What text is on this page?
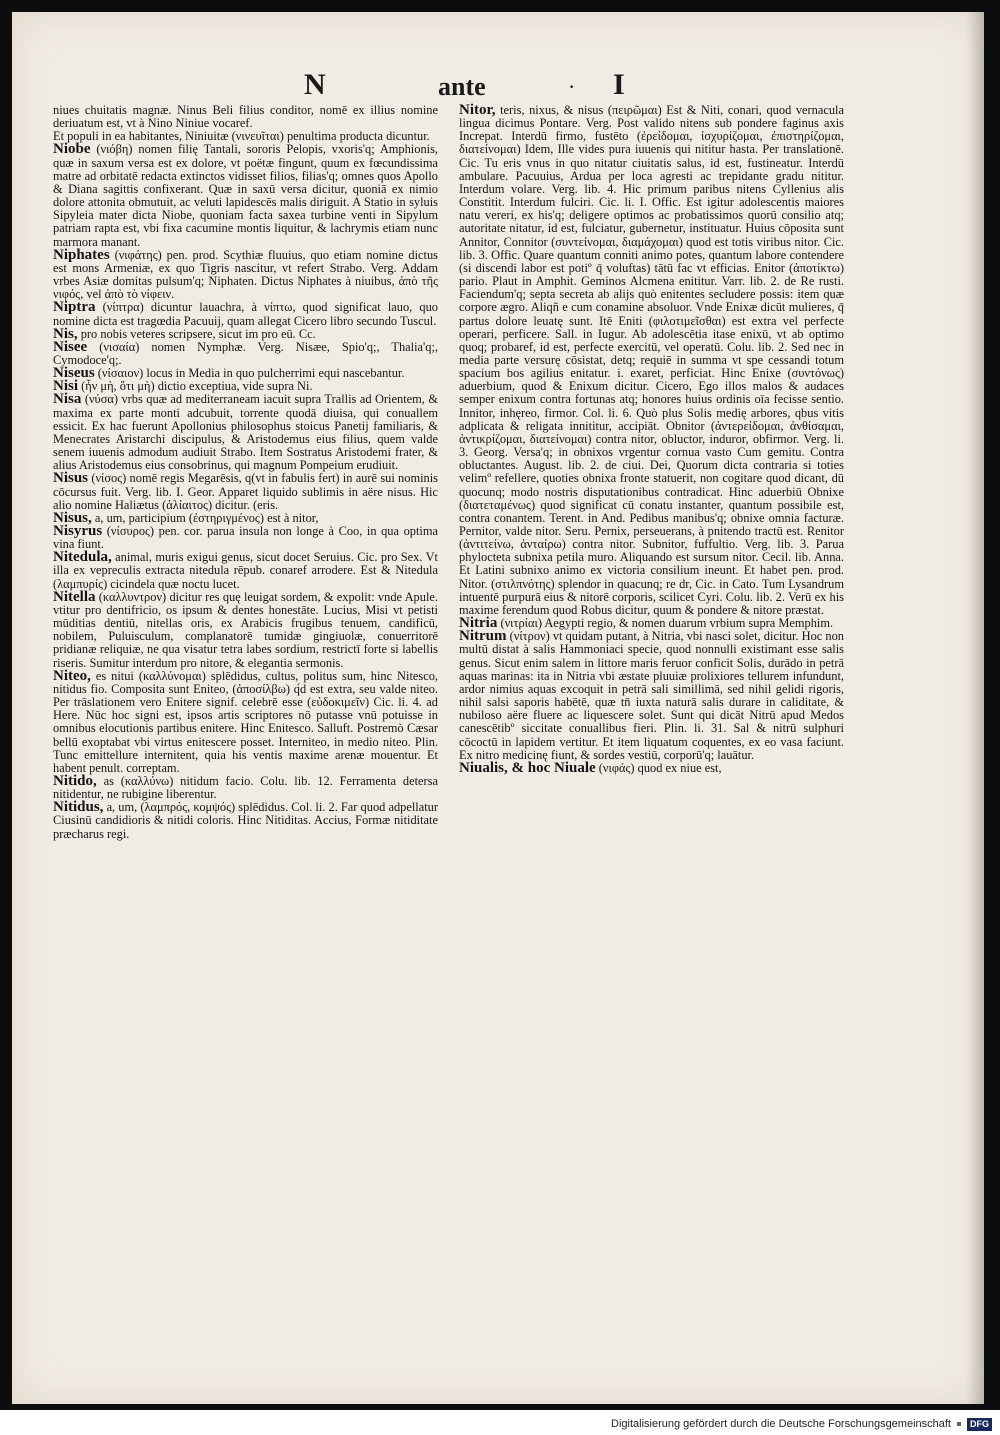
N	ante	· I

niues chuitatis magnæ. Ninus Beli filius conditor, nomē ex illius nomine deriuatum est, vt à Nino Niniue vocaref.

Et populi in ea habitantes, Niniuitæ (νινευῖται) penultima producta dicuntur.

Niobe (νιόβη) nomen filię Tantali, sororis Pelopis, vxoris'q; Amphionis, quæ in saxum versa est ex dolore, vt poëtæ fingunt, quum ex fœcundissima matre ad orbitatē redacta extinctos vidisset filios, filias'q; omnes quos Apollo & Diana sagittis confixerant. Quæ in saxū versa dicitur, quoniā ex nimio dolore attonita obmutuit, ac veluti lapidescēs malis diriguit. A Statio in syluis Sipyleia mater dicta Niobe, quoniam facta saxea turbine venti in Sipylum patriam rapta est, vbi fixa cacumine montis liquitur, & lachrymis etiam nunc marmora manant.

Niphates (νιφάτης) pen. prod. Scythiæ fluuius, quo etiam nomine dictus est mons Armeniæ, ex quo Tigris nascitur, vt refert Strabo. Verg. Addam vrbes Asiæ domitas pulsum'q; Niphaten. Dictus Niphates à niuibus, ἀπὸ τῆς νιφός, vel ἀπὸ τὸ νίφειν.

Niptra (νίπτρα) dicuntur lauachra, à νίπτω, quod significat lauo, quo nomine dicta est tragœdia Pacuuij, quam allegat Cicero libro secundo Tuscul.

Nis, pro nobis veteres scripsere, sicut im pro eū. Cc.

Nisee (νισαία) nomen Nymphæ. Verg. Nisæe, Spio'q;, Thalia'q;, Cymodoce'q;.

Niseus (νίσαιον) locus in Media in quo pulcherrimi equi nascebantur.

Nisi (ἦν μὴ, ὅτι μὴ) dictio exceptiua, vide supra Ni.

Nisa (νύσα) vrbs quæ ad mediterraneam iacuit supra Trallis ad Orientem, & maxima ex parte monti adcubuit, torrente quodā diuisa, qui conuallem essicit. Ex hac fuerunt Apollonius philosophus stoicus Panetij familiaris, & Menecrates Aristarchi discipulus, & Aristodemus eius filius, quem valde senem iuuenis admodum audiuit Strabo. Item Sostratus Aristodemi frater, & alius Aristodemus eius consobrinus, qui magnum Pompeium erudiuit.

Nisus (νίσος) nomē regis Megarēsis, q(vt in fabulis fert) in aurē sui nominis cōcursus fuit. Verg. lib. I. Geor. Apparet liquido sublimis in aëre nisus. Hic alio nomine Haliætus (ἁλίαιτος) dicitur. (eris.

Nisus, a, um, participium (ἐστηριγμένος) est à nitor,

Nisyrus (νίσυρος) pen. cor. parua insula non longe à Coo, in qua optima vina fiunt.

Nitedula, animal, muris exigui genus, sicut docet Seruius. Cic. pro Sex. Vt illa ex vepreculis extracta nitedula rēpub. conaref arrodere. Est & Nitedula (λαμπυρίς) cicindela quæ noctu lucet.

Nitella (καλλυντρον) dicitur res quę leuigat sordem, & expolit: vnde Apule. vtitur pro dentifricio, os ipsum & dentes honestāte. Lucius, Misi vt petisti mūditias dentiū, nitellas oris, ex Arabicis frugibus tenuem, candificū, nobilem, Puluisculum, complanatorē tumidæ gingiuolæ, conuerritorē pridianæ reliquiæ, ne qua visatur tetra labes sordium, restrictī forte si labellis riseris. Sumitur interdum pro nitore, & elegantia sermonis.

Niteo, es nitui (καλλύνομαι) splēdidus, cultus, politus sum, hinc Nitesco, nitidus fio. Composita sunt Eniteo, (ἀποσίλβω) q́d est extra, seu valde niteo. Per trāslationem vero Enitere signif. celebrē esse (εὐδοκιμεῖν) Cic. li. 4. ad Here. Nūc hoc signi est, ipsos artis scriptores nō putasse vnū potuisse in omnibus elocutionis partibus enitere. Hinc Enitesco. Salluft. Postremò Cæsar bellū exoptabat vbi virtus enitescere posset. Interniteo, in medio niteo. Plin. Tunc emittellure internitent, quia his ventis maxime arenæ mouentur. Et habent penult. correptam.

Nitido, as (καλλύνω) nitidum facio. Colu. lib. 12. Ferramenta detersa nitidentur, ne rubigine liberentur.

Nitidus, a, um, (λαμπρός, κομψός) splēdidus. Col. li. 2. Far quod adpellatur Ciusinū candidioris & nitidi coloris. Hinc Nitiditas. Accius, Formæ nitiditate præcharus regi.

Nitor, teris, nixus, & nisus (πειρῶμαι) Est & Niti, conari, quod vernacula lingua dicimus Pontare. Verg. Post valido nitens sub pondere faginus axis Increpat. Interdū firmo, fustēto (ἐρείδομαι, ἰσχυρίζομαι, ἐπιστηρίζομαι, διατείνομαι) Idem, Ille vides pura iuuenis qui nititur hasta. Per translationē. Cic. Tu eris vnus in quo nitatur ciuitatis salus, id est, fustineatur. Interdū ambulare. Pacuuius, Ardua per loca agresti ac trepidante gradu nititur. Interdum volare. Verg. lib. 4. Hic primum paribus nitens Cyllenius alis Constitit. Interdum fulciri. Cic. li. I. Offic. Est igitur adolescentis maiores natu vereri, ex his'q; deligere optimos ac probatissimos quorū consilio atq; autoritate nitatur, id est, fulciatur, gubernetur, instituatur. Huius cōposita sunt Annitor, Connitor (συντείνομαι, διαμάχομαι) quod est totis viribus nitor. Cic. lib. 3. Offic. Quare quantum conniti animo potes, quantum labore contendere (si discendi labor est potiº q̄ voluftas) tātū fac vt efficias. Enitor (ἀποτίκτω) pario. Plaut in Amphit. Geminos Alcmena enititur. Varr. lib. 2. de Re rusti. Faciendum'q; septa secreta ab alijs quò enitentes secludere possis: item quæ corpore ægro. Aliqñ e cum conamine absoluor. Vnde Enixæ dicūt mulieres, q̄ partus dolore leuatę sunt. Itē Eniti (φιλοτιμεῖσθαι) est extra vel perfecte operari, perficere. Sall. in Iugur. Ab adolescētia itase enixū, vt ab optimo quoq; probaref, id est, perfecte exercitū, vel operatū. Colu. lib. 2. Sed nec in media parte versurę cōsistat, detq; requiē in summa vt spe cessandi totum spacium bos agilius enitatur. i. exaret, perficiat. Hinc Enixe (συντόνως) aduerbium, quod & Enixum dicitur. Cicero, Ego illos malos & audaces semper enixum contra fortunas atq; honores huius ordinis oīa fecisse sentio. Innitor, inhęreo, firmor. Col. li. 6. Quò plus Solis medię arbores, qbus vitis adplicata & religata innititur, accipiāt. Obnitor (ἀντερείδομαι, ἀνθίσαμαι, ἀντικρίζομαι, διατείνομαι) contra nitor, obluctor, induror, obfirmor. Verg. li. 3. Georg. Versa'q; in obnixos vrgentur cornua vasto Cum gemitu. Contra obluctantes. August. lib. 2. de ciui. Dei, Quorum dicta contraria si toties velimº refellere, quoties obnixa fronte statuerit, non cogitare quod dicant, dū quocunq; modo nostris disputationibus contradicat. Hinc aduerbiū Obnixe (διατεταμένως) quod significat cū conatu instanter, quantum possibile est, contra conantem. Terent. in And. Pedibus manibus'q; obnixe omnia facturæ. Pernitor, valde nitor. Seru. Pernix, perseuerans, à pnitendo tractū est. Renitor (ἀντιτείνω, ἀνταίρω) contra nitor. Subnitor, fuffultio. Verg. lib. 3. Parua phylocteta subnixa petila muro. Aliquando est sursum nitor. Cecil. lib. Anna. Et Latini subnixo animo ex victoria consilium ineunt. Et habet pen. prod. Nitor. (στιλπνότης) splendor in quacunq; re dr, Cic. in Cato. Tum Lysandrum intuentē purpurā eius & nitorē corporis, scilicet Cyri. Colu. lib. 2. Verū ex his maxime ferendum quod Robus dicitur, quum & pondere & nitore præstat.

Nitria (νιτρίαι) Aegypti regio, & nomen duarum vrbium supra Memphim.

Nitrum (νίτρον) vt quidam putant, à Nitria, vbi nasci solet, dicitur. Hoc non multū distat à salis Hammoniaci specie, quod nonnulli existimant esse salis genus. Sicut enim salem in littore maris feruor conficit Solis, durādo in petrā aquas marinas: ita in Nitria vbi æstate pluuiæ prolixiores tellurem infundunt, ardor nimius aquas excoquit in petrā sali simillimā, sed nihil gelidi rigoris, nihil salsi saporis habētē, quæ tn̄ iuxta naturā salis durare in caliditate, & nubiloso aëre fluere ac liquescere solet. Sunt qui dicāt Nitrū apud Medos canescētibº siccitate conuallibus fieri. Plin. li. 31. Sal & nitrū sulphuri cōcoctū in lapidem vertitur. Et item liquatum coquentes, ex eo vasa faciunt. Ex nitro medicinę fiunt, & sordes vestiū, corporū'q; lauātur.

Niualis, & hoc Niuale (νιφάς) quod ex niue est,

Digitalisierung gefördert durch die Deutsche Forschungsgemeinschaft	DFG
